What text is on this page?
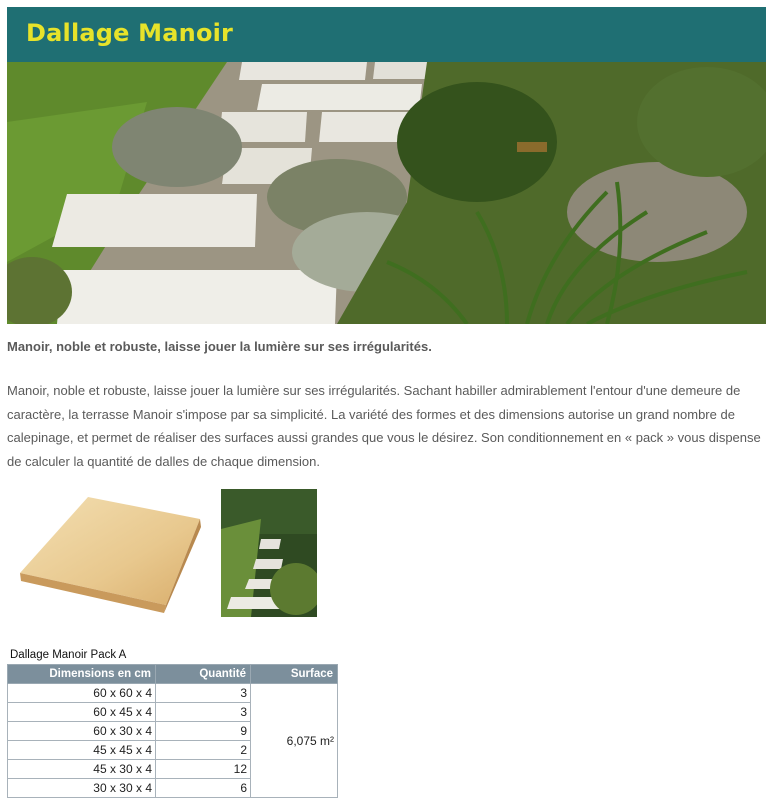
Dallage Manoir
Manoir, noble et robuste, laisse jouer la lumière sur ses irrégularités.
Manoir, noble et robuste, laisse jouer la lumière sur ses irrégularités. Sachant habiller admirablement l'entour d'une demeure de caractère, la terrasse Manoir s'impose par sa simplicité. La variété des formes et des dimensions autorise un grand nombre de calepinage, et permet de réaliser des surfaces aussi grandes que vous le désirez. Son conditionnement en « pack » vous dispense de calculer la quantité de dalles de chaque dimension.
Dallage Manoir Pack A
Dimensions en cm	Quantité	Surface
60 x 60 x 4	3	6,075 m²
60 x 45 x 4	3	
60 x 30 x 4	9	
45 x 45 x 4	2	
45 x 30 x 4	12	
30 x 30 x 4	6	
